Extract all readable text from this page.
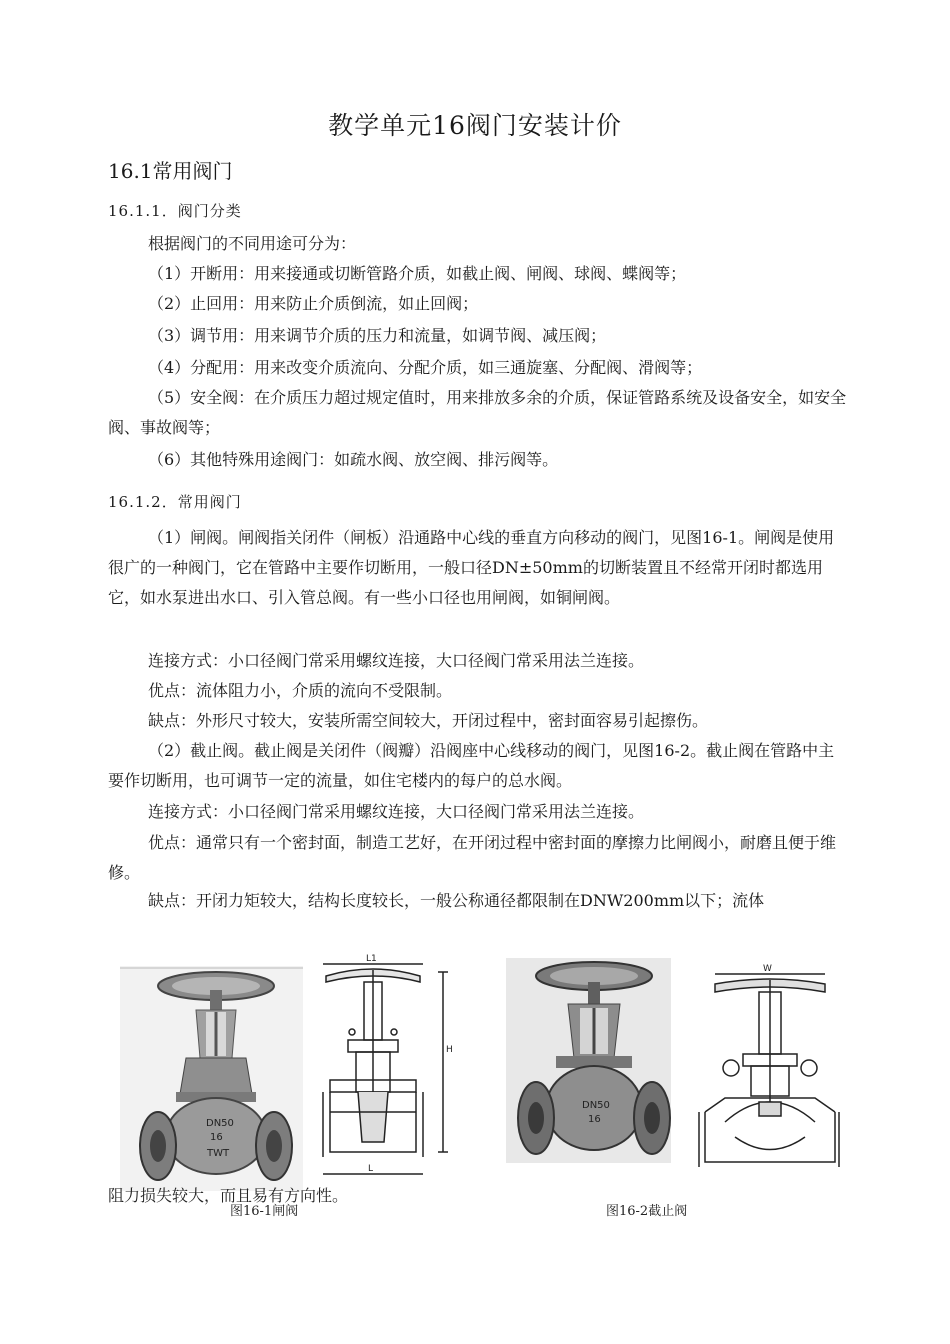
教学单元16阀门安装计价
16.1常用阀门
16.1.1．阀门分类
根据阀门的不同用途可分为：
（1）开断用：用来接通或切断管路介质，如截止阀、闸阀、球阀、蝶阀等；
（2）止回用：用来防止介质倒流，如止回阀；
（3）调节用：用来调节介质的压力和流量，如调节阀、减压阀；
（4）分配用：用来改变介质流向、分配介质，如三通旋塞、分配阀、滑阀等；
（5）安全阀：在介质压力超过规定值时，用来排放多余的介质，保证管路系统及设备安全，如安全阀、事故阀等；
（6）其他特殊用途阀门：如疏水阀、放空阀、排污阀等。
16.1.2．常用阀门
（1）闸阀。闸阀指关闭件（闸板）沿通路中心线的垂直方向移动的阀门，见图16-1。闸阀是使用很广的一种阀门，它在管路中主要作切断用，一般口径DN±50mm的切断装置且不经常开闭时都选用它，如水泵进出水口、引入管总阀。有一些小口径也用闸阀，如铜闸阀。
连接方式：小口径阀门常采用螺纹连接，大口径阀门常采用法兰连接。
优点：流体阻力小，介质的流向不受限制。
缺点：外形尺寸较大，安装所需空间较大，开闭过程中，密封面容易引起擦伤。
（2）截止阀。截止阀是关闭件（阀瓣）沿阀座中心线移动的阀门，见图16-2。截止阀在管路中主要作切断用，也可调节一定的流量，如住宅楼内的每户的总水阀。
连接方式：小口径阀门常采用螺纹连接，大口径阀门常采用法兰连接。
优点：通常只有一个密封面，制造工艺好，在开闭过程中密封面的摩擦力比闸阀小，耐磨且便于维修。
缺点：开闭力矩较大，结构长度较长，一般公称通径都限制在DNW200mm以下；流体
DN50
16
TWT
L1
H
L
DN50
16
W
阻力损失较大，而且易有方向性。
图16-1闸阀	图16-2截止阀
